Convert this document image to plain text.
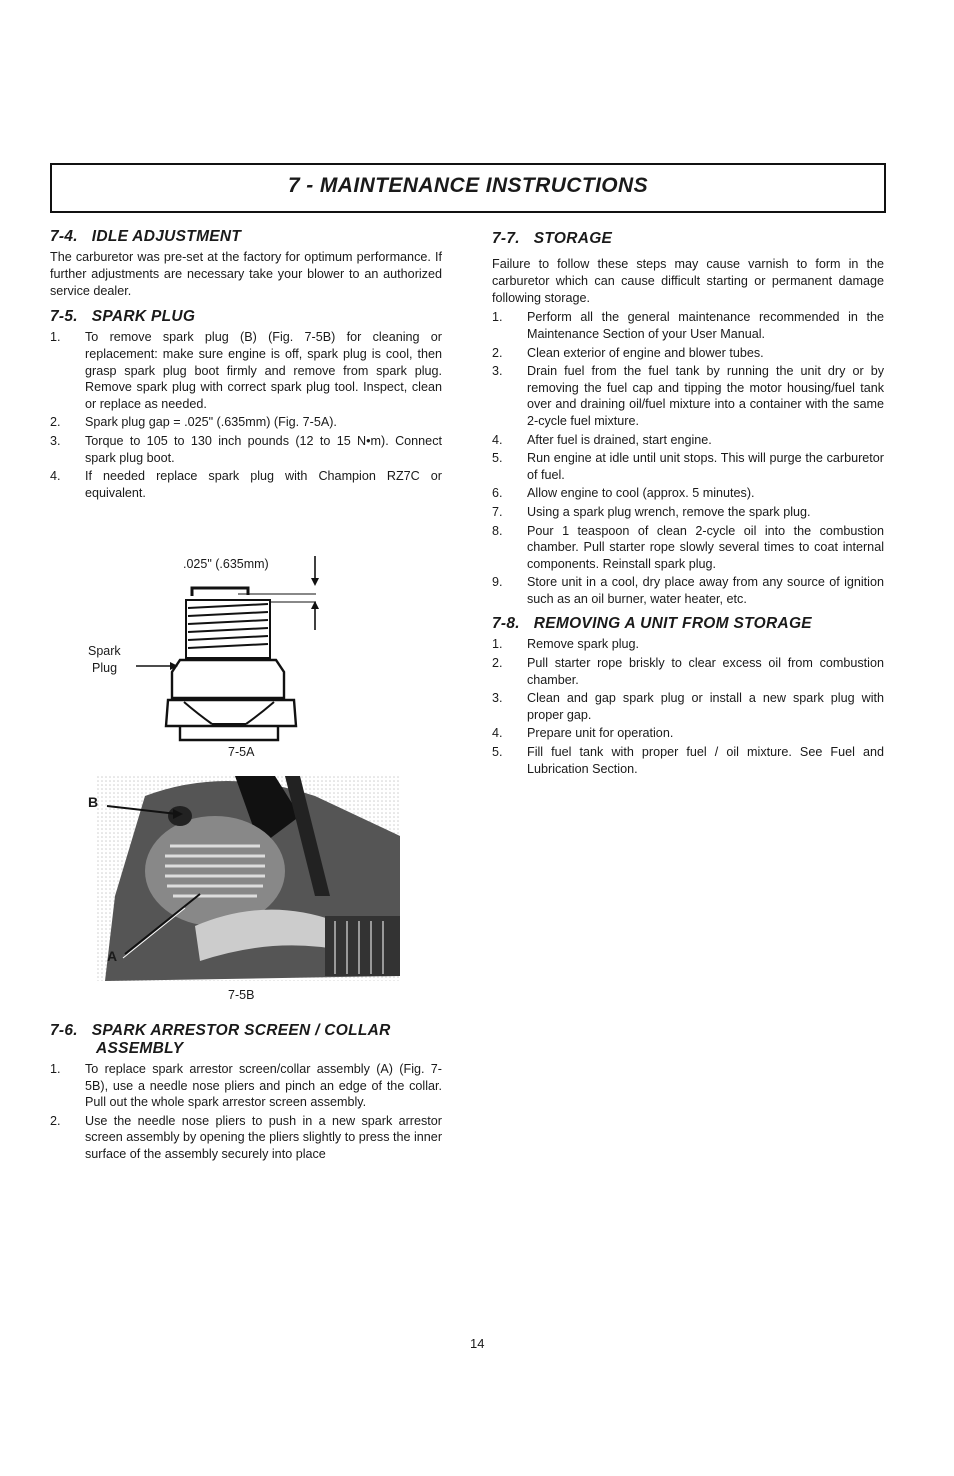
7 - MAINTENANCE INSTRUCTIONS
7-4.   IDLE ADJUSTMENT

The carburetor was pre-set at the factory for optimum performance. If further adjustments are necessary take your blower to an authorized service dealer.

7-5.   SPARK PLUG
1. To remove spark plug (B) (Fig. 7-5B) for cleaning or replacement: make sure engine is off, spark plug is cool, then grasp spark plug boot firmly and remove from spark plug. Remove spark plug with correct spark plug tool. Inspect, clean or replace as needed.
2. Spark plug gap = .025" (.635mm) (Fig. 7-5A).
3. Torque to 105 to 130 inch pounds (12 to 15 N•m). Connect spark plug boot.
4. If needed replace spark plug with Champion RZ7C or equivalent.
.025" (.635mm)
Spark
Plug
7-5A
B
A
7-5B
7-6.   SPARK ARRESTOR SCREEN / COLLAR
ASSEMBLY
1. To replace spark arrestor screen/collar assembly (A) (Fig. 7-5B), use a needle nose pliers and pinch an edge of the collar. Pull out the whole spark arrestor screen assembly.
2. Use the needle nose pliers to push in a new spark arrestor screen assembly by opening the pliers slightly to press the inner surface of the assembly securely into place
7-7.   STORAGE

Failure to follow these steps may cause varnish to form in the carburetor which can cause difficult starting or permanent damage following storage.

1. Perform all the general maintenance recommended in the Maintenance Section of your User Manual.
2. Clean exterior of engine and blower tubes.
3. Drain fuel from the fuel tank by running the unit dry or by removing the fuel cap and tipping the motor housing/fuel tank over and draining oil/fuel mixture into a container with the same 2-cycle fuel mixture.
4. After fuel is drained, start engine.
5. Run engine at idle until unit stops. This will purge the carburetor of fuel.
6. Allow engine to cool (approx. 5 minutes).
7. Using a spark plug wrench, remove the spark plug.
8. Pour 1 teaspoon of clean 2-cycle oil into the combustion chamber. Pull starter rope slowly several times to coat internal components. Reinstall spark plug.
9. Store unit in a cool, dry place away from any source of ignition such as an oil burner, water heater, etc.
7-8.   REMOVING A UNIT FROM STORAGE
1. Remove spark plug.
2. Pull starter rope briskly to clear excess oil from combustion chamber.
3. Clean and gap spark plug or install a new spark plug with proper gap.
4. Prepare unit for operation.
5. Fill fuel tank with proper fuel / oil mixture. See Fuel and Lubrication Section.
14
